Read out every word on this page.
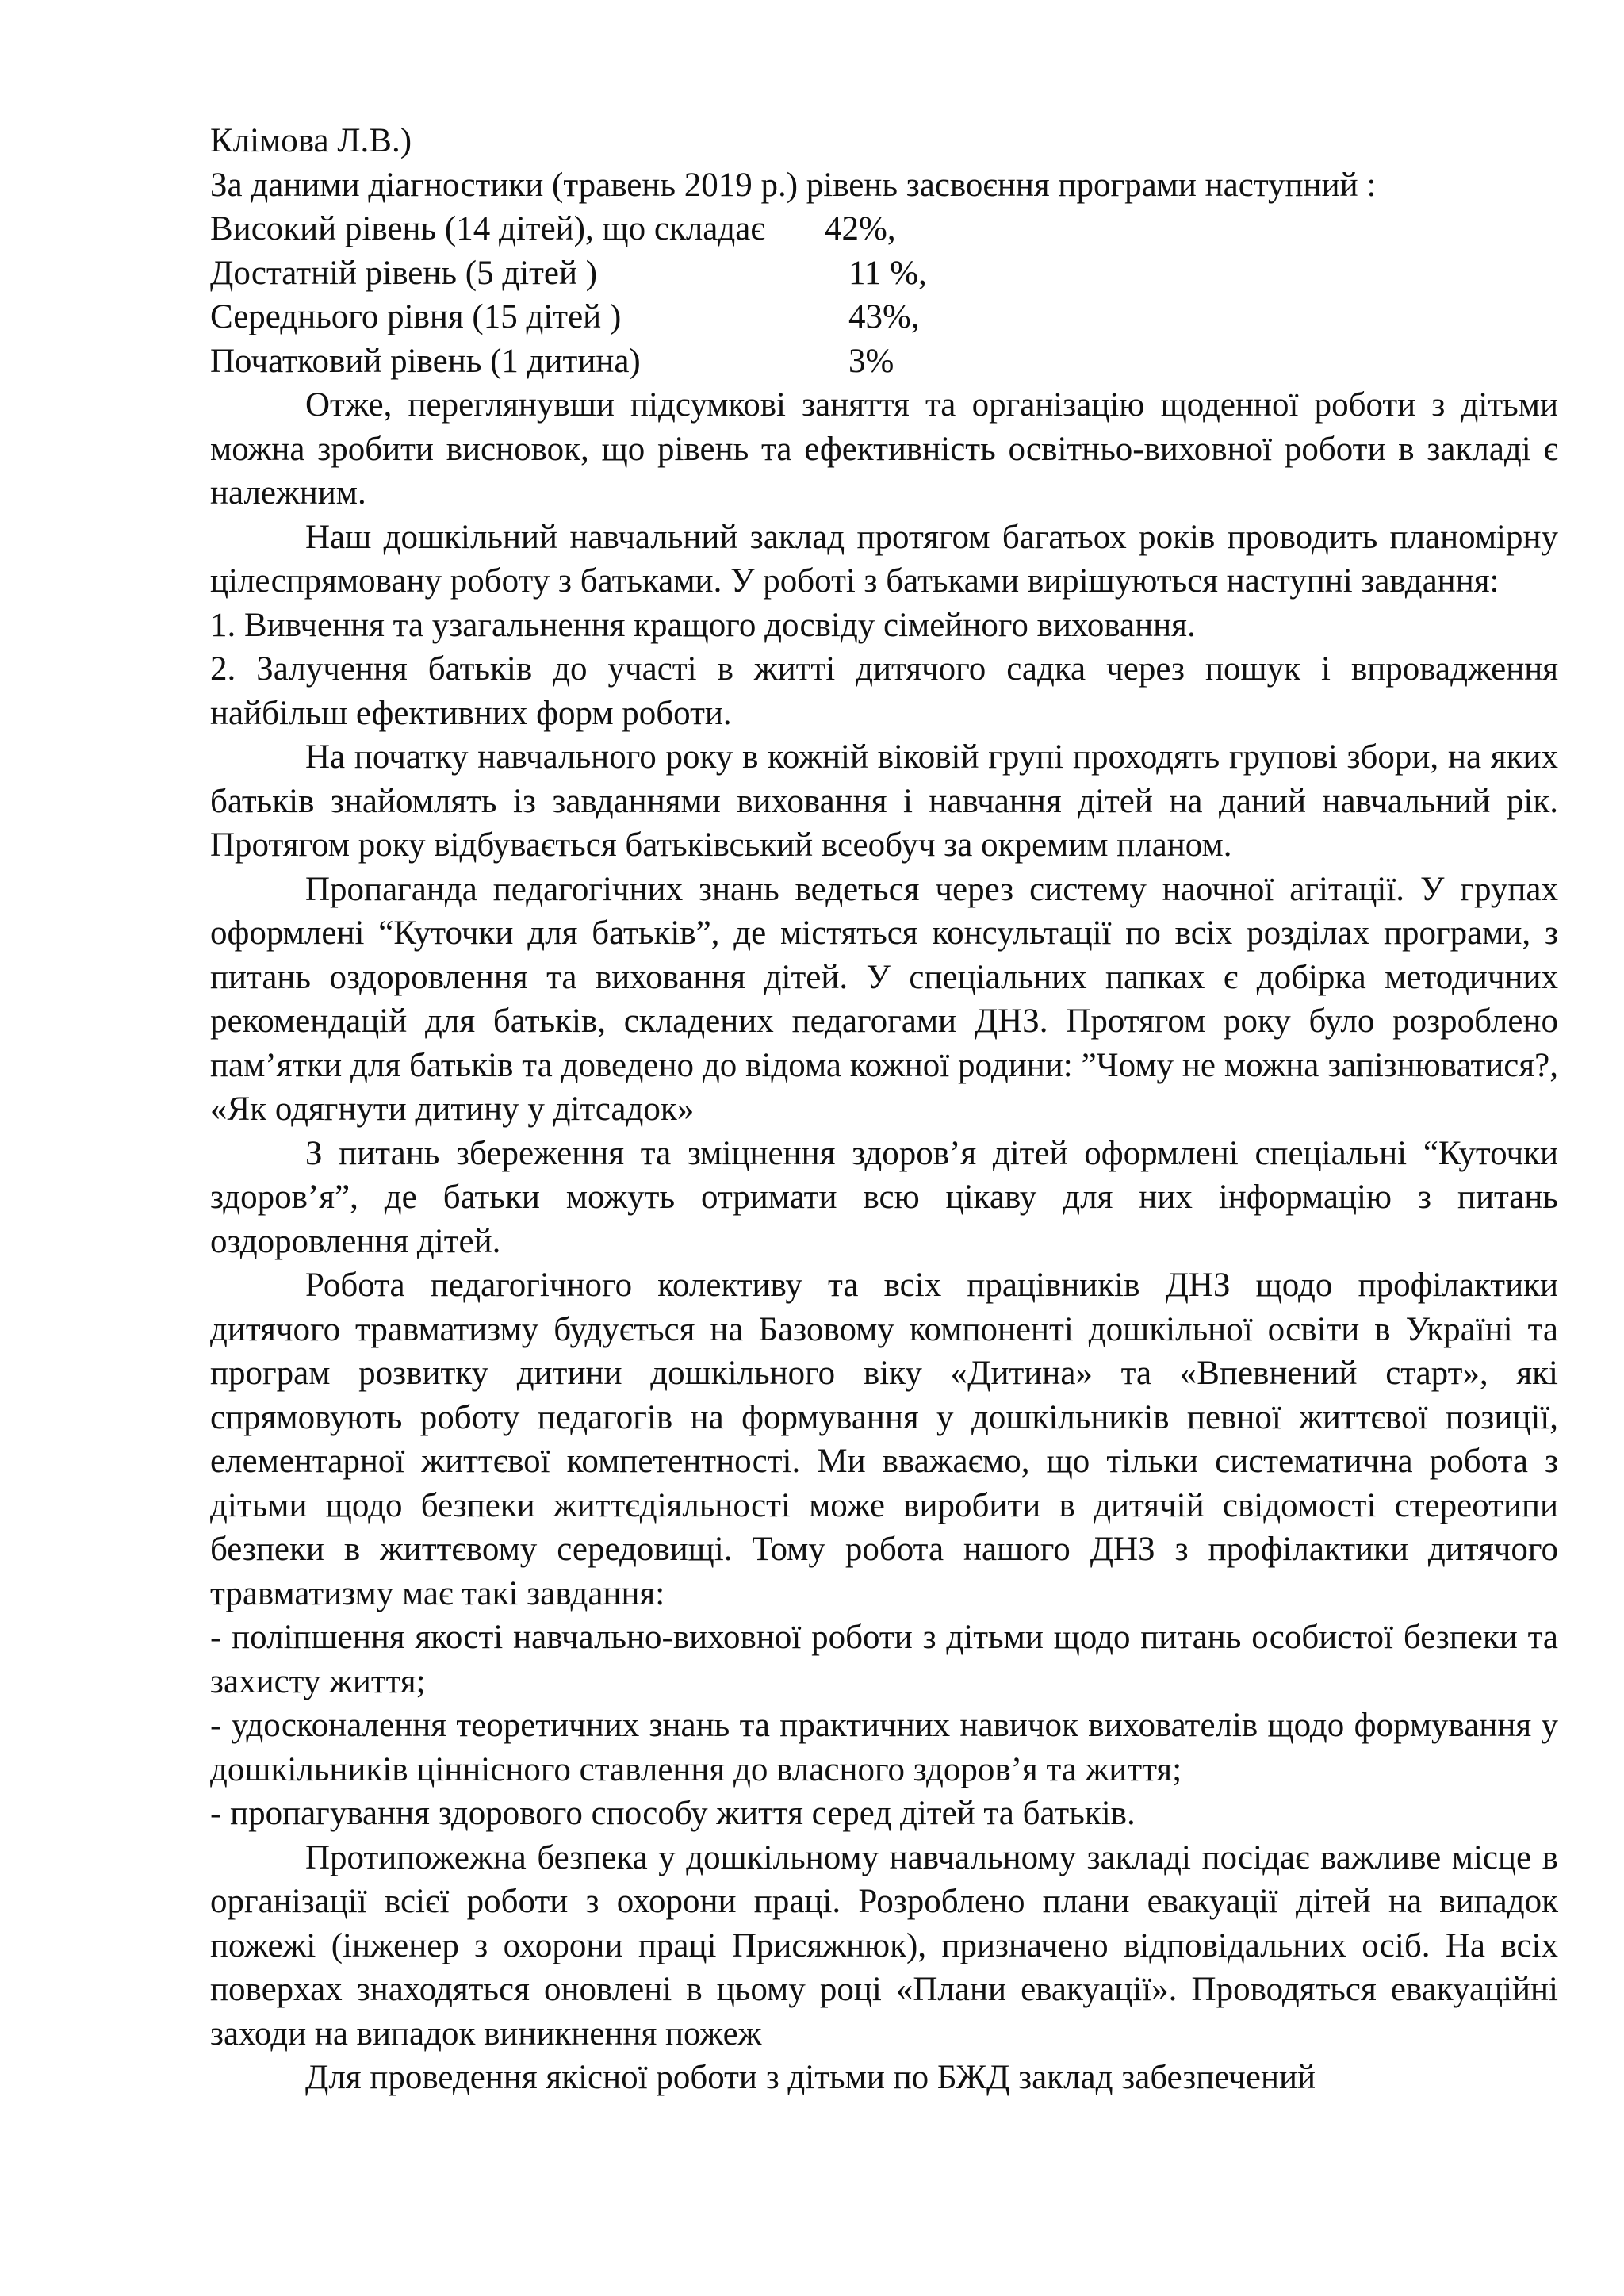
Клімова Л.В.)
За даними діагностики (травень 2019 р.) рівень засвоєння програми наступний :
Високий рівень (14 дітей), що складає 42%,
Достатній рівень (5 дітей )	11 %,
Середнього рівня (15 дітей )	43%,
Початковий рівень (1 дитина)	3%
Отже, переглянувши підсумкові заняття та організацію щоденної роботи з дітьми можна зробити висновок, що рівень та ефективність освітньо-виховної роботи в закладі є належним.
Наш дошкільний навчальний заклад протягом багатьох років проводить планомірну цілеспрямовану роботу з батьками. У роботі з батьками вирішуються наступні завдання:
1. Вивчення та узагальнення кращого досвіду сімейного виховання.
2. Залучення батьків до участі в житті дитячого садка через пошук і впровадження найбільш ефективних форм роботи.
На початку навчального року в кожній віковій групі проходять групові збори, на яких батьків знайомлять із завданнями виховання і навчання дітей на даний навчальний рік. Протягом року відбувається батьківський всеобуч за окремим планом.
Пропаганда педагогічних знань ведеться через систему наочної агітації. У групах оформлені “Куточки для батьків”, де містяться консультації по всіх розділах програми, з питань оздоровлення та виховання дітей. У спеціальних папках є добірка методичних рекомендацій для батьків, складених педагогами ДНЗ. Протягом року було розроблено пам’ятки для батьків та доведено до відома кожної родини: ”Чому не можна запізнюватися?, «Як одягнути дитину у дітсадок»
З питань збереження та зміцнення здоров’я дітей оформлені спеціальні “Куточки здоров’я”, де батьки можуть отримати всю цікаву для них інформацію з питань оздоровлення дітей.
Робота педагогічного колективу та всіх працівників ДНЗ щодо профілактики дитячого травматизму будується на Базовому компоненті дошкільної освіти в Україні та програм розвитку дитини дошкільного віку «Дитина» та «Впевнений старт», які спрямовують роботу педагогів на формування у дошкільників певної життєвої позиції, елементарної життєвої компетентності. Ми вважаємо, що тільки систематична робота з дітьми щодо безпеки життєдіяльності може виробити в дитячій свідомості стереотипи безпеки в життєвому середовищі. Тому робота нашого ДНЗ з профілактики дитячого травматизму має такі завдання:
- поліпшення якості навчально-виховної роботи з дітьми щодо питань особистої безпеки та захисту життя;
- удосконалення теоретичних знань та практичних навичок вихователів щодо формування у дошкільників ціннісного ставлення до власного здоров’я та життя;
- пропагування здорового способу життя серед дітей та батьків.
Протипожежна безпека у дошкільному навчальному закладі посідає важливе місце в організації всієї роботи з охорони праці. Розроблено плани евакуації дітей на випадок пожежі (інженер з охорони праці Присяжнюк), призначено відповідальних осіб. На всіх поверхах знаходяться оновлені в цьому році «Плани евакуації». Проводяться евакуаційні заходи на випадок виникнення пожеж
Для проведення якісної роботи з дітьми по БЖД заклад забезпечений
